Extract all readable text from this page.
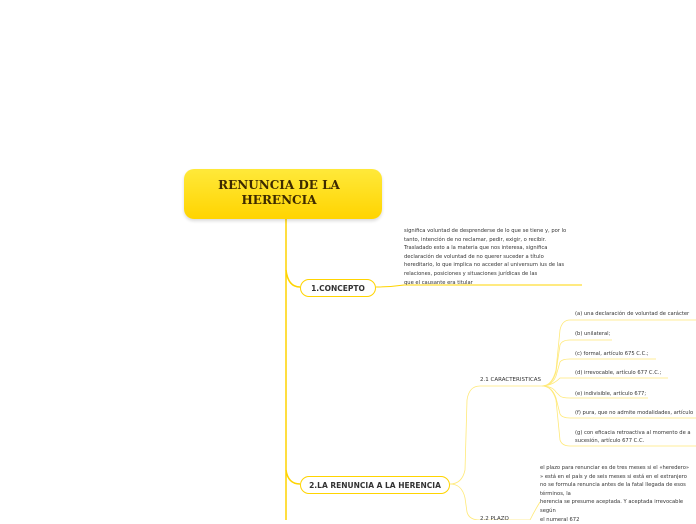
RENUNCIA DE LA
HERENCIA
1.CONCEPTO
significa voluntad de desprenderse de lo que se tiene y, por lo
tanto, intención de no reclamar, pedir, exigir, o recibir.
Trasladado esto a la materia que nos interesa, significa
declaración de voluntad de no querer suceder a título
hereditario, lo que implica no acceder al universum ius de las
relaciones, posiciones y situaciones jurídicas de las
que el causante era titular
2.LA RENUNCIA A LA HERENCIA
2.1 CARACTERISTICAS
(a) una declaración de voluntad de carácter
(b) unilateral;
(c) formal, artículo 675 C.C.;
(d) irrevocable, artículo 677 C.C.;
(e) indivisible, artículo 677;
(f) pura, que no admite modalidades, artículo
(g) con eficacia retroactiva al momento de a
sucesión, artículo 677 C.C.
el plazo para renunciar es de tres meses si el «heredero»
» está en el país y de seis meses si está en el extranjero
no se formula renuncia antes de la fatal llegada de esos
términos, la
herencia se presume aceptada. Y aceptada irrevocable
según
el numeral 672
2.2 PLAZO
